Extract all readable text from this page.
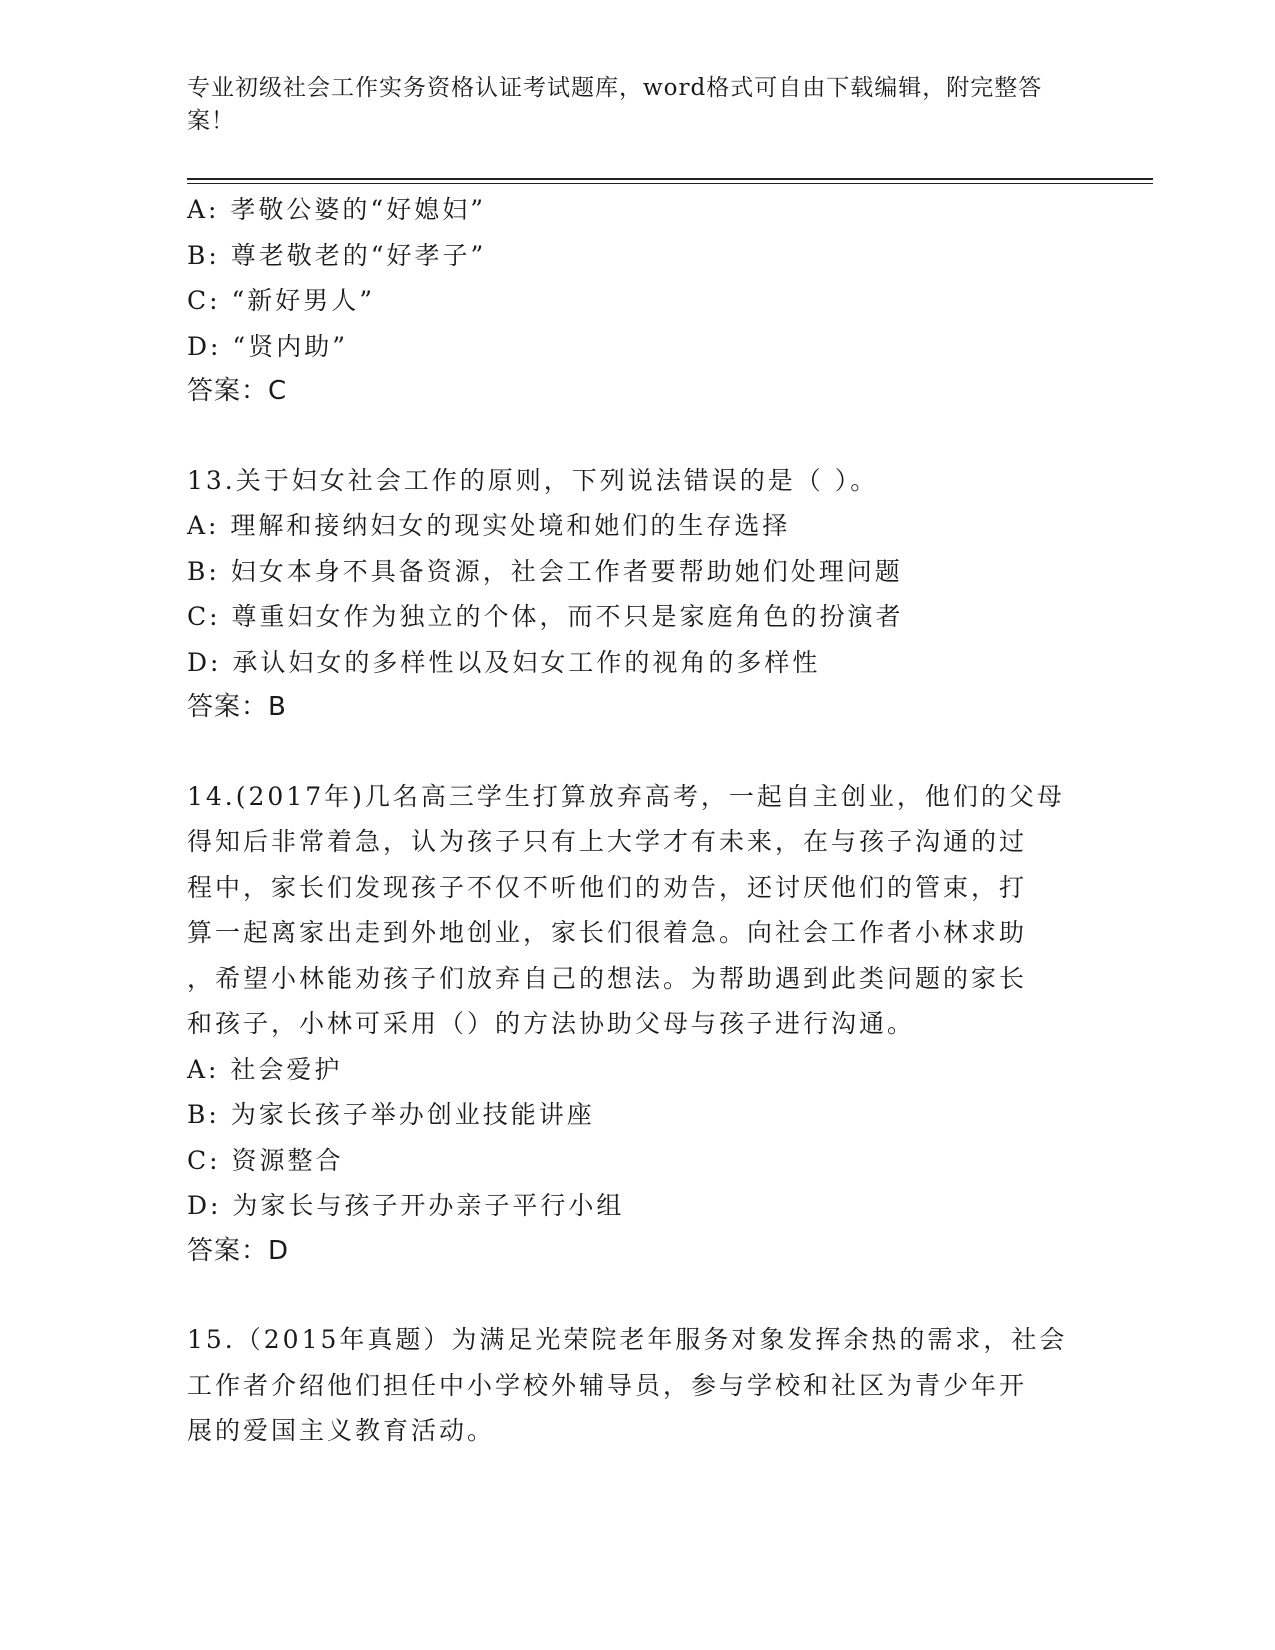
专业初级社会工作实务资格认证考试题库，word格式可自由下载编辑，附完整答
案！
A: 孝敬公婆的“好媳妇”
B: 尊老敬老的“好孝子”
C: “新好男人”
D: “贤内助”
答案：C
13.关于妇女社会工作的原则，下列说法错误的是（ ）。
A: 理解和接纳妇女的现实处境和她们的生存选择
B: 妇女本身不具备资源，社会工作者要帮助她们处理问题
C: 尊重妇女作为独立的个体，而不只是家庭角色的扮演者
D: 承认妇女的多样性以及妇女工作的视角的多样性
答案：B
14.(2017年)几名高三学生打算放弃高考，一起自主创业，他们的父母
得知后非常着急，认为孩子只有上大学才有未来，在与孩子沟通的过
程中，家长们发现孩子不仅不听他们的劝告，还讨厌他们的管束，打
算一起离家出走到外地创业，家长们很着急。向社会工作者小林求助
，希望小林能劝孩子们放弃自己的想法。为帮助遇到此类问题的家长
和孩子，小林可采用（）的方法协助父母与孩子进行沟通。
A: 社会爱护
B: 为家长孩子举办创业技能讲座
C: 资源整合
D: 为家长与孩子开办亲子平行小组
答案：D
15.（2015年真题）为满足光荣院老年服务对象发挥余热的需求，社会
工作者介绍他们担任中小学校外辅导员，参与学校和社区为青少年开
展的爱国主义教育活动。
